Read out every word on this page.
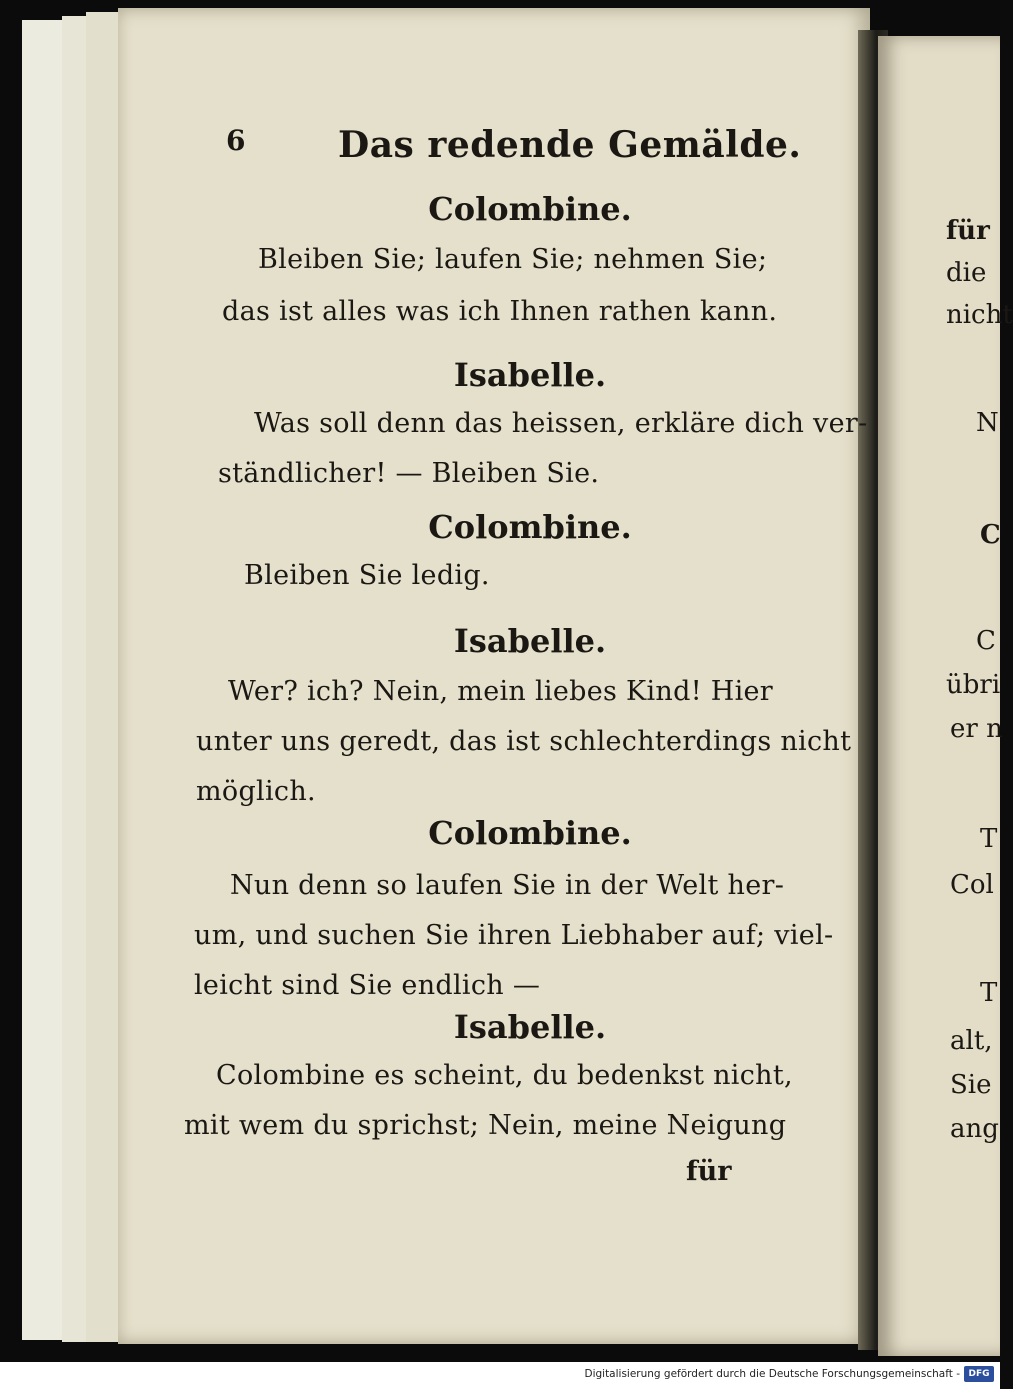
6	Das redende Gemälde.
Colombine.
Bleiben Sie; laufen Sie; nehmen Sie;
das ist alles was ich Ihnen rathen kann.
Isabelle.
Was soll denn das heissen, erkläre dich ver-
ständlicher! — Bleiben Sie.
Colombine.
Bleiben Sie ledig.
Isabelle.
Wer? ich? Nein, mein liebes Kind! Hier
unter uns geredt, das ist schlechterdings nicht
möglich.
Colombine.
Nun denn so laufen Sie in der Welt her-
um, und suchen Sie ihren Liebhaber auf; viel-
leicht sind Sie endlich —
Isabelle.
Colombine es scheint, du bedenkst nicht,
mit wem du sprichst; Nein, meine Neigung
für
für
die
nicht
N
C
C
übri
er n
T
Col
T
alt,
Sie
ang
Digitalisierung gefördert durch die Deutsche Forschungsgemeinschaft - DFG
